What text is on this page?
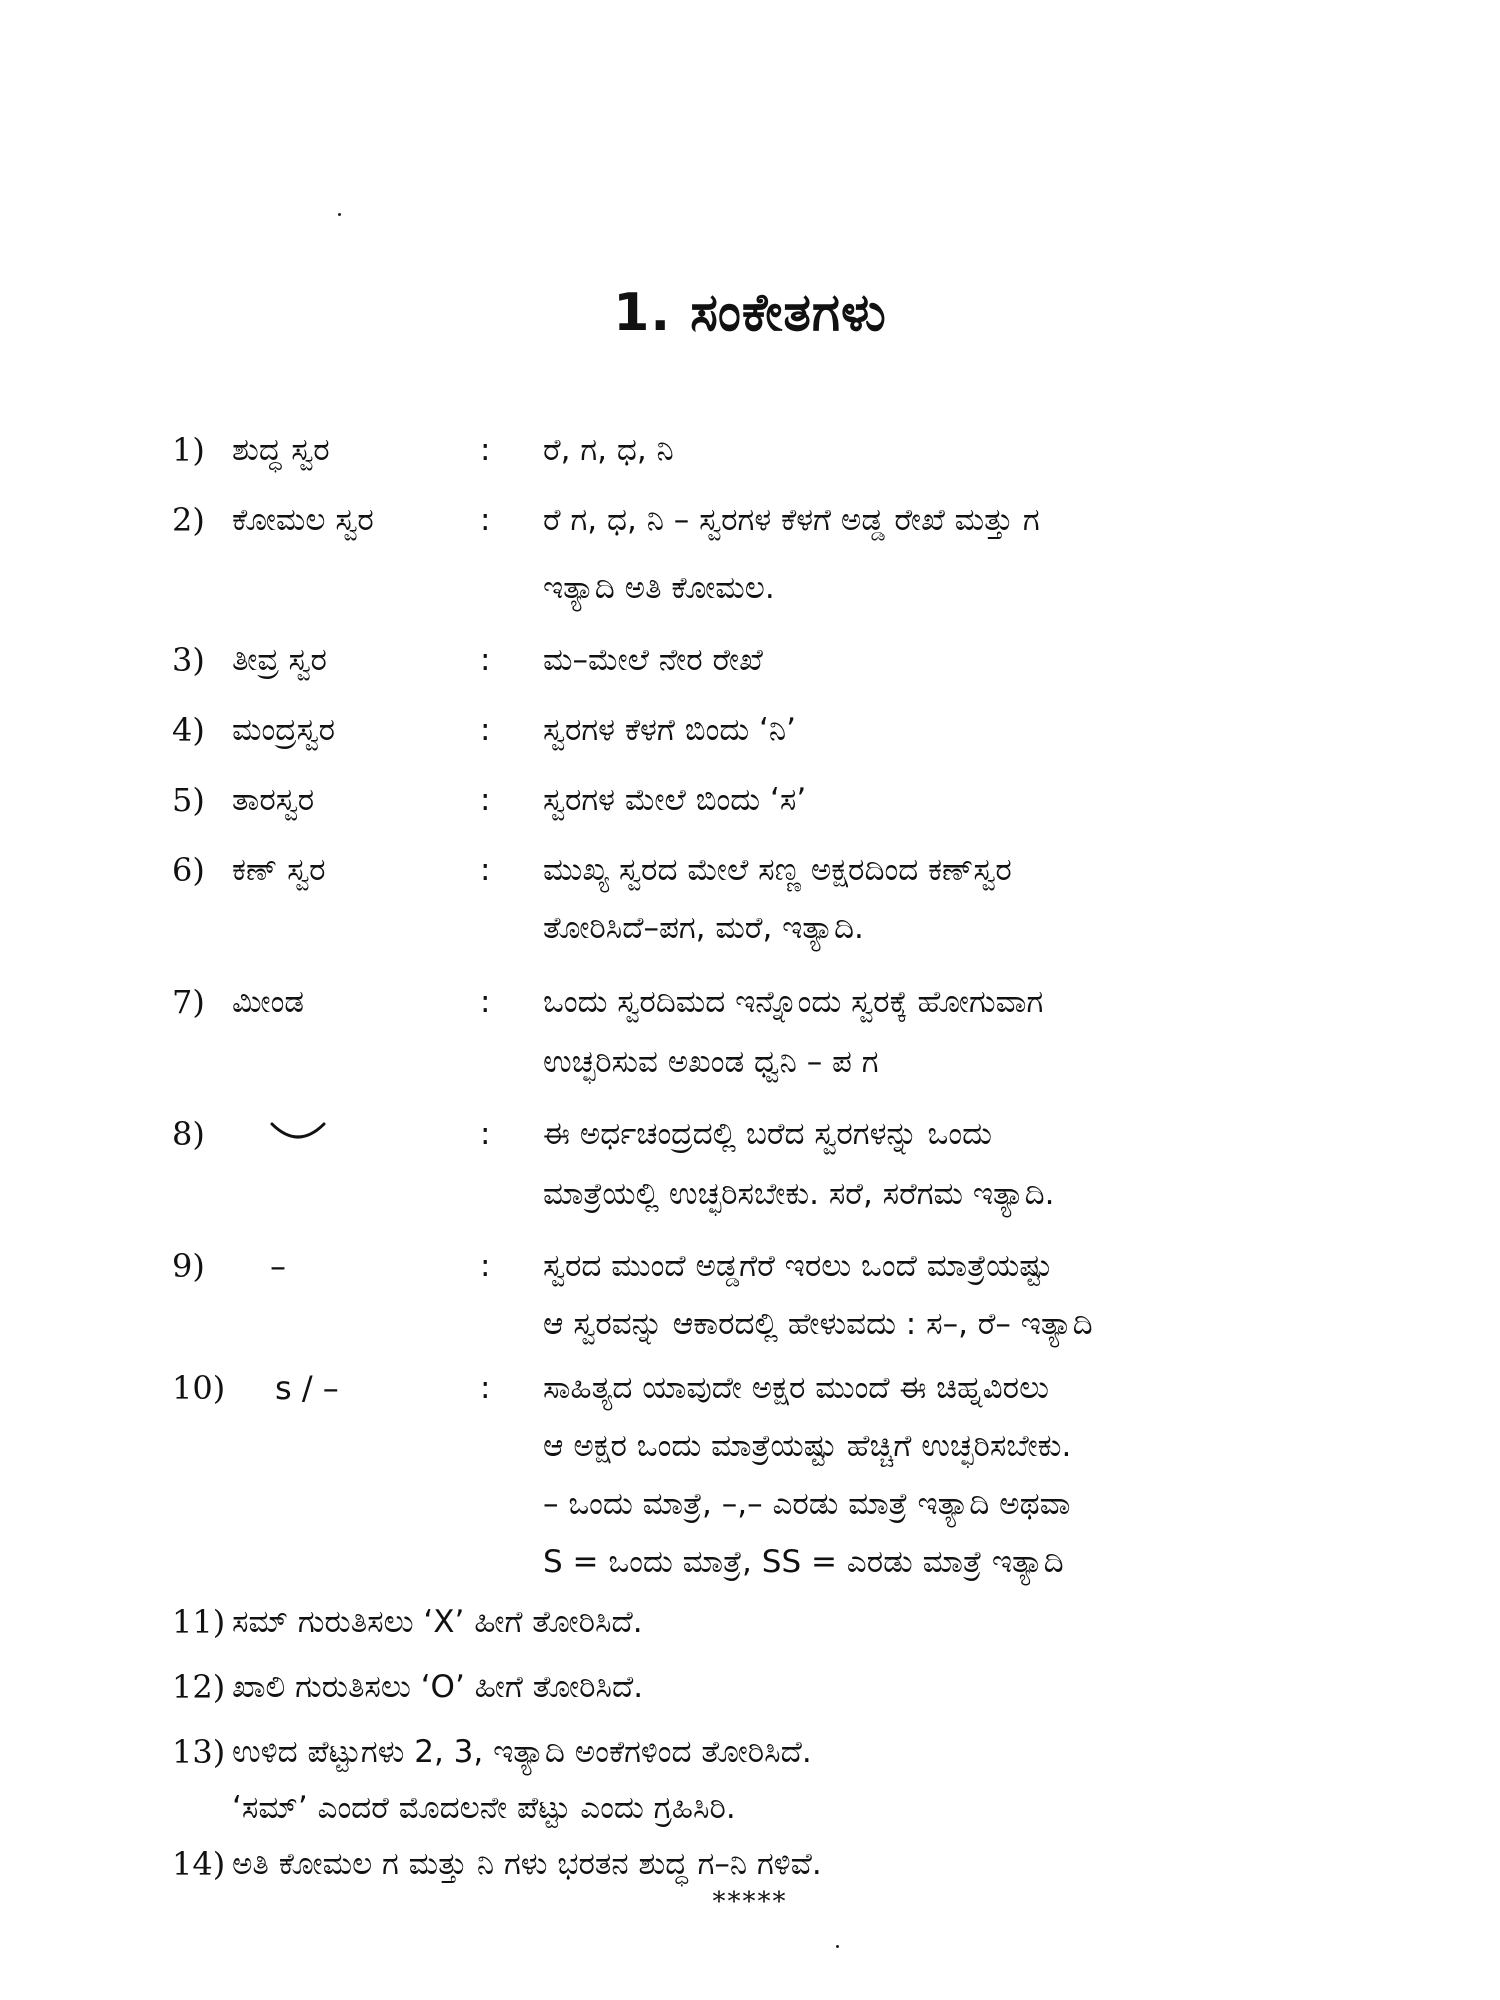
1. ಸಂಕೇತಗಳು
1) ಶುದ್ಧ ಸ್ವರ	: ರೆ, ಗ, ಧ, ನಿ
2) ಕೋಮಲ ಸ್ವರ	: ರೆ ಗ, ಧ, ನಿ – ಸ್ವರಗಳ ಕೆಳಗೆ ಅಡ್ಡ ರೇಖೆ ಮತ್ತು ಗ
ಇತ್ಯಾದಿ ಅತಿ ಕೋಮಲ.
3) ತೀವ್ರ ಸ್ವರ	: ಮ–ಮೇಲೆ ನೇರ ರೇಖೆ
4) ಮಂದ್ರಸ್ವರ	: ಸ್ವರಗಳ ಕೆಳಗೆ ಬಿಂದು ‘ನಿ’
5) ತಾರಸ್ವರ	: ಸ್ವರಗಳ ಮೇಲೆ ಬಿಂದು ‘ಸ’
6) ಕಣ್ ಸ್ವರ	: ಮುಖ್ಯ ಸ್ವರದ ಮೇಲೆ ಸಣ್ಣ ಅಕ್ಷರದಿಂದ ಕಣ್‌ಸ್ವರ
ತೋರಿಸಿದೆ–ಪಗ, ಮರೆ, ಇತ್ಯಾದಿ.
7) ಮೀಂಡ	: ಒಂದು ಸ್ವರದಿಮದ ಇನ್ನೊಂದು ಸ್ವರಕ್ಕೆ ಹೋಗುವಾಗ
ಉಚ್ಛರಿಸುವ ಅಖಂಡ ಧ್ವನಿ – ಪ ಗ
8)	: ಈ ಅರ್ಧಚಂದ್ರದಲ್ಲಿ ಬರೆದ ಸ್ವರಗಳನ್ನು ಒಂದು
ಮಾತ್ರೆಯಲ್ಲಿ ಉಚ್ಛರಿಸಬೇಕು. ಸರೆ, ಸರೆಗಮ ಇತ್ಯಾದಿ.
9) –	: ಸ್ವರದ ಮುಂದೆ ಅಡ್ಡಗೆರೆ ಇರಲು ಒಂದೆ ಮಾತ್ರೆಯಷ್ಟು
ಆ ಸ್ವರವನ್ನು ಆಕಾರದಲ್ಲಿ ಹೇಳುವದು : ಸ–, ರೆ– ಇತ್ಯಾದಿ
10) s / –	: ಸಾಹಿತ್ಯದ ಯಾವುದೇ ಅಕ್ಷರ ಮುಂದೆ ಈ ಚಿಹ್ನವಿರಲು
ಆ ಅಕ್ಷರ ಒಂದು ಮಾತ್ರೆಯಷ್ಟು ಹೆಚ್ಚಿಗೆ ಉಚ್ಛರಿಸಬೇಕು.
– ಒಂದು ಮಾತ್ರೆ, –,– ಎರಡು ಮಾತ್ರೆ ಇತ್ಯಾದಿ ಅಥವಾ
S = ಒಂದು ಮಾತ್ರೆ, SS = ಎರಡು ಮಾತ್ರೆ ಇತ್ಯಾದಿ
11) ಸಮ್ ಗುರುತಿಸಲು ‘X’ ಹೀಗೆ ತೋರಿಸಿದೆ.
12) ಖಾಲಿ ಗುರುತಿಸಲು ‘O’ ಹೀಗೆ ತೋರಿಸಿದೆ.
13) ಉಳಿದ ಪೆಟ್ಟುಗಳು 2, 3, ಇತ್ಯಾದಿ ಅಂಕೆಗಳಿಂದ ತೋರಿಸಿದೆ.
‘ಸಮ್’ ಎಂದರೆ ಮೊದಲನೇ ಪೆಟ್ಟು ಎಂದು ಗ್ರಹಿಸಿರಿ.
14) ಅತಿ ಕೋಮಲ ಗ ಮತ್ತು ನಿ ಗಳು ಭರತನ ಶುದ್ಧ ಗ–ನಿ ಗಳಿವೆ.
*****
